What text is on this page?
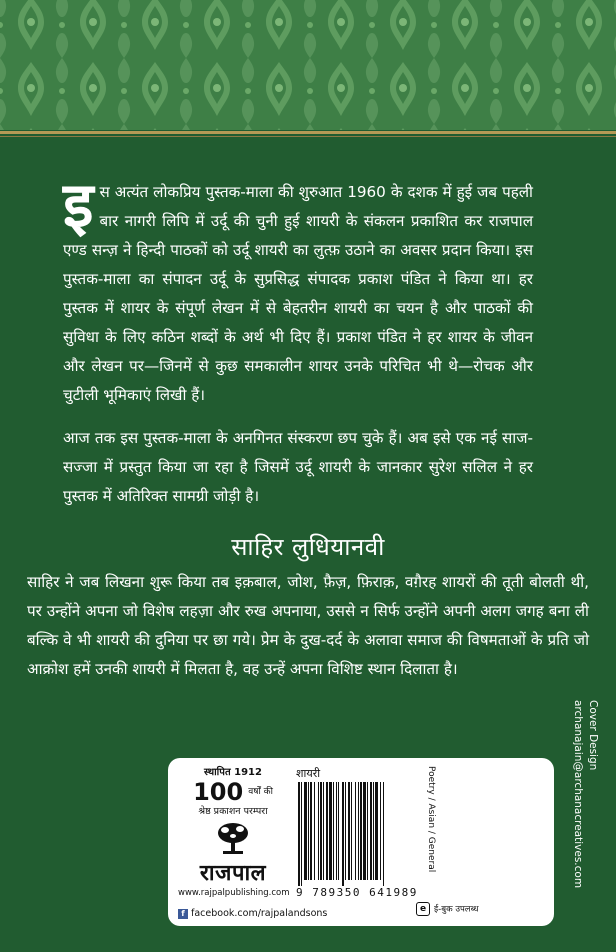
इस अत्यंत लोकप्रिय पुस्तक-माला की शुरुआत 1960 के दशक में हुई जब पहली बार नागरी लिपि में उर्दू की चुनी हुई शायरी के संकलन प्रकाशित कर राजपाल एण्ड सन्ज़ ने हिन्दी पाठकों को उर्दू शायरी का लुत्फ़ उठाने का अवसर प्रदान किया। इस पुस्तक-माला का संपादन उर्दू के सुप्रसिद्ध संपादक प्रकाश पंडित ने किया था। हर पुस्तक में शायर के संपूर्ण लेखन में से बेहतरीन शायरी का चयन है और पाठकों की सुविधा के लिए कठिन शब्दों के अर्थ भी दिए हैं। प्रकाश पंडित ने हर शायर के जीवन और लेखन पर—जिनमें से कुछ समकालीन शायर उनके परिचित भी थे—रोचक और चुटीली भूमिकाएं लिखी हैं।
आज तक इस पुस्तक-माला के अनगिनत संस्करण छप चुके हैं। अब इसे एक नई साज-सज्जा में प्रस्तुत किया जा रहा है जिसमें उर्दू शायरी के जानकार सुरेश सलिल ने हर पुस्तक में अतिरिक्त सामग्री जोड़ी है।
साहिर लुधियानवी
साहिर ने जब लिखना शुरू किया तब इक़बाल, जोश, फ़ैज़, फ़िराक़, वग़ैरह शायरों की तूती बोलती थी, पर उन्होंने अपना जो विशेष लहज़ा और रुख अपनाया, उससे न सिर्फ उन्होंने अपनी अलग जगह बना ली बल्कि वे भी शायरी की दुनिया पर छा गये। प्रेम के दुख-दर्द के अलावा समाज की विषमताओं के प्रति जो आक्रोश हमें उनकी शायरी में मिलता है, वह उन्हें अपना विशिष्ट स्थान दिलाता है।
Cover Design
archanajain@archanacreatives.com
स्थापित 1912
100 वर्षों की
श्रेष्ठ प्रकाशन परम्परा
राजपाल
www.rajpalpublishing.com
f facebook.com/rajpalandsons
शायरी
9 789350 641989
Poetry / Asian / General
e ई-बुक उपलब्ध
